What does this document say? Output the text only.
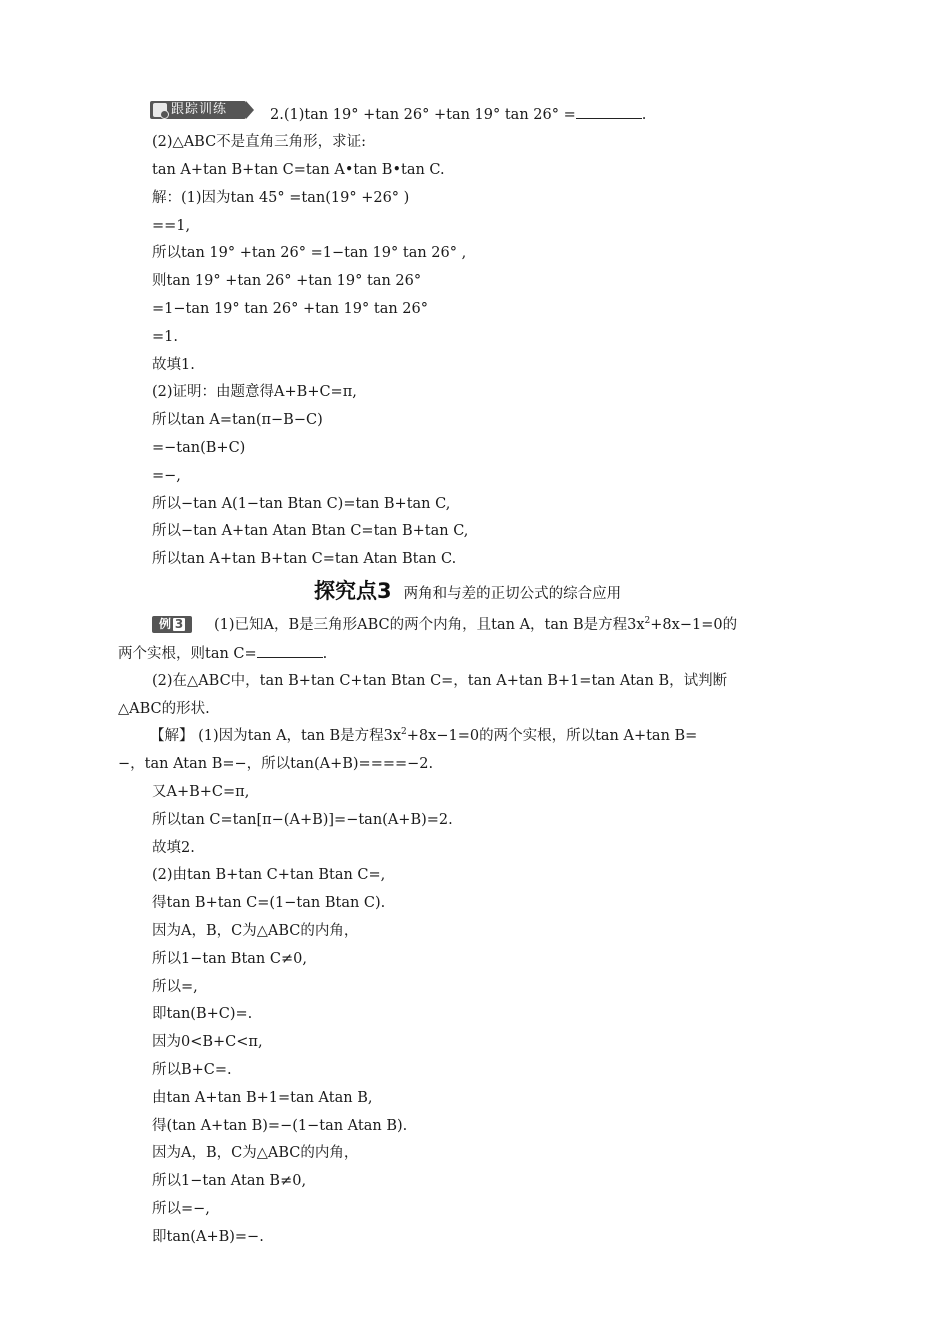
跟踪训练	2.(1)tan 19° +tan 26° +tan 19° tan 26° =	.
(2)△ABC不是直角三角形，求证:
tan A+tan B+tan C=tan A•tan B•tan C.
解：(1)因为tan 45° =tan(19° +26° )
==1,
所以tan 19° +tan 26° =1−tan 19° tan 26° ,
则tan 19° +tan 26° +tan 19° tan 26°
=1−tan 19° tan 26° +tan 19° tan 26°
=1.
故填1.
(2)证明：由题意得A+B+C=π,
所以tan A=tan(π−B−C)
=−tan(B+C)
=−,
所以−tan A(1−tan Btan C)=tan B+tan C,
所以−tan A+tan Atan Btan C=tan B+tan C,
所以tan A+tan B+tan C=tan Atan Btan C.
探究点3 两角和与差的正切公式的综合应用
例 3 (1)已知A，B是三角形ABC的两个内角，且tan A，tan B是方程$3x^2+8x-1=0$的
两个实根，则tan C=	.
(2)在△ABC中，tan B+tan C+tan Btan C=，tan A+tan B+1=tan Atan B，试判断
△ABC的形状.
【解】 (1)因为tan A，tan B是方程$3x^2+8x-1=0$的两个实根，所以tan A+tan B=
−，tan Atan B=−，所以tan(A+B)====−2.
又A+B+C=π,
所以tan C=tan[π−(A+B)]=−tan(A+B)=2.
故填2.
(2)由tan B+tan C+tan Btan C=,
得tan B+tan C=(1−tan Btan C).
因为A，B，C为△ABC的内角，
所以1−tan Btan C≠0,
所以=,
即tan(B+C)=.
因为0<B+C<π,
所以B+C=.
由tan A+tan B+1=tan Atan B,
得(tan A+tan B)=−(1−tan Atan B).
因为A，B，C为△ABC的内角，
所以1−tan Atan B≠0,
所以=−,
即tan(A+B)=−.
